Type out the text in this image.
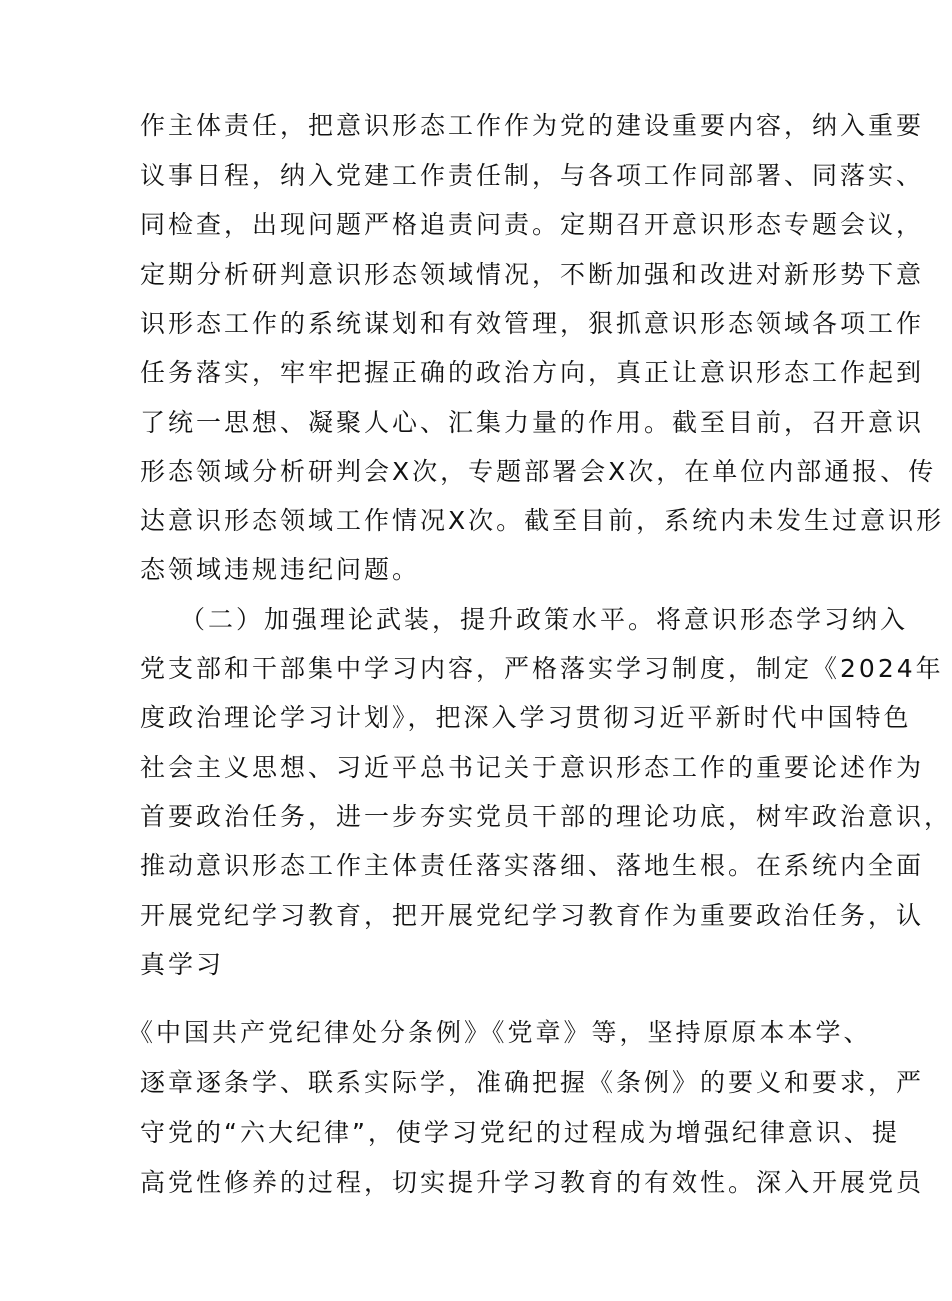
作主体责任，把意识形态工作作为党的建设重要内容，纳入重要
议事日程，纳入党建工作责任制，与各项工作同部署、同落实、
同检查，出现问题严格追责问责。定期召开意识形态专题会议，
定期分析研判意识形态领域情况，不断加强和改进对新形势下意
识形态工作的系统谋划和有效管理，狠抓意识形态领域各项工作
任务落实，牢牢把握正确的政治方向，真正让意识形态工作起到
了统一思想、凝聚人心、汇集力量的作用。截至目前，召开意识
形态领域分析研判会X次，专题部署会X次，在单位内部通报、传
达意识形态领域工作情况X次。截至目前，系统内未发生过意识形
态领域违规违纪问题。
（二）加强理论武装，提升政策水平。将意识形态学习纳入
党支部和干部集中学习内容，严格落实学习制度，制定《2024年
度政治理论学习计划》，把深入学习贯彻习近平新时代中国特色
社会主义思想、习近平总书记关于意识形态工作的重要论述作为
首要政治任务，进一步夯实党员干部的理论功底，树牢政治意识，
推动意识形态工作主体责任落实落细、落地生根。在系统内全面
开展党纪学习教育，把开展党纪学习教育作为重要政治任务，认
真学习
《中国共产党纪律处分条例》《党章》等，坚持原原本本学、
逐章逐条学、联系实际学，准确把握《条例》的要义和要求，严
守党的“六大纪律”，使学习党纪的过程成为增强纪律意识、提
高党性修养的过程，切实提升学习教育的有效性。深入开展党员
